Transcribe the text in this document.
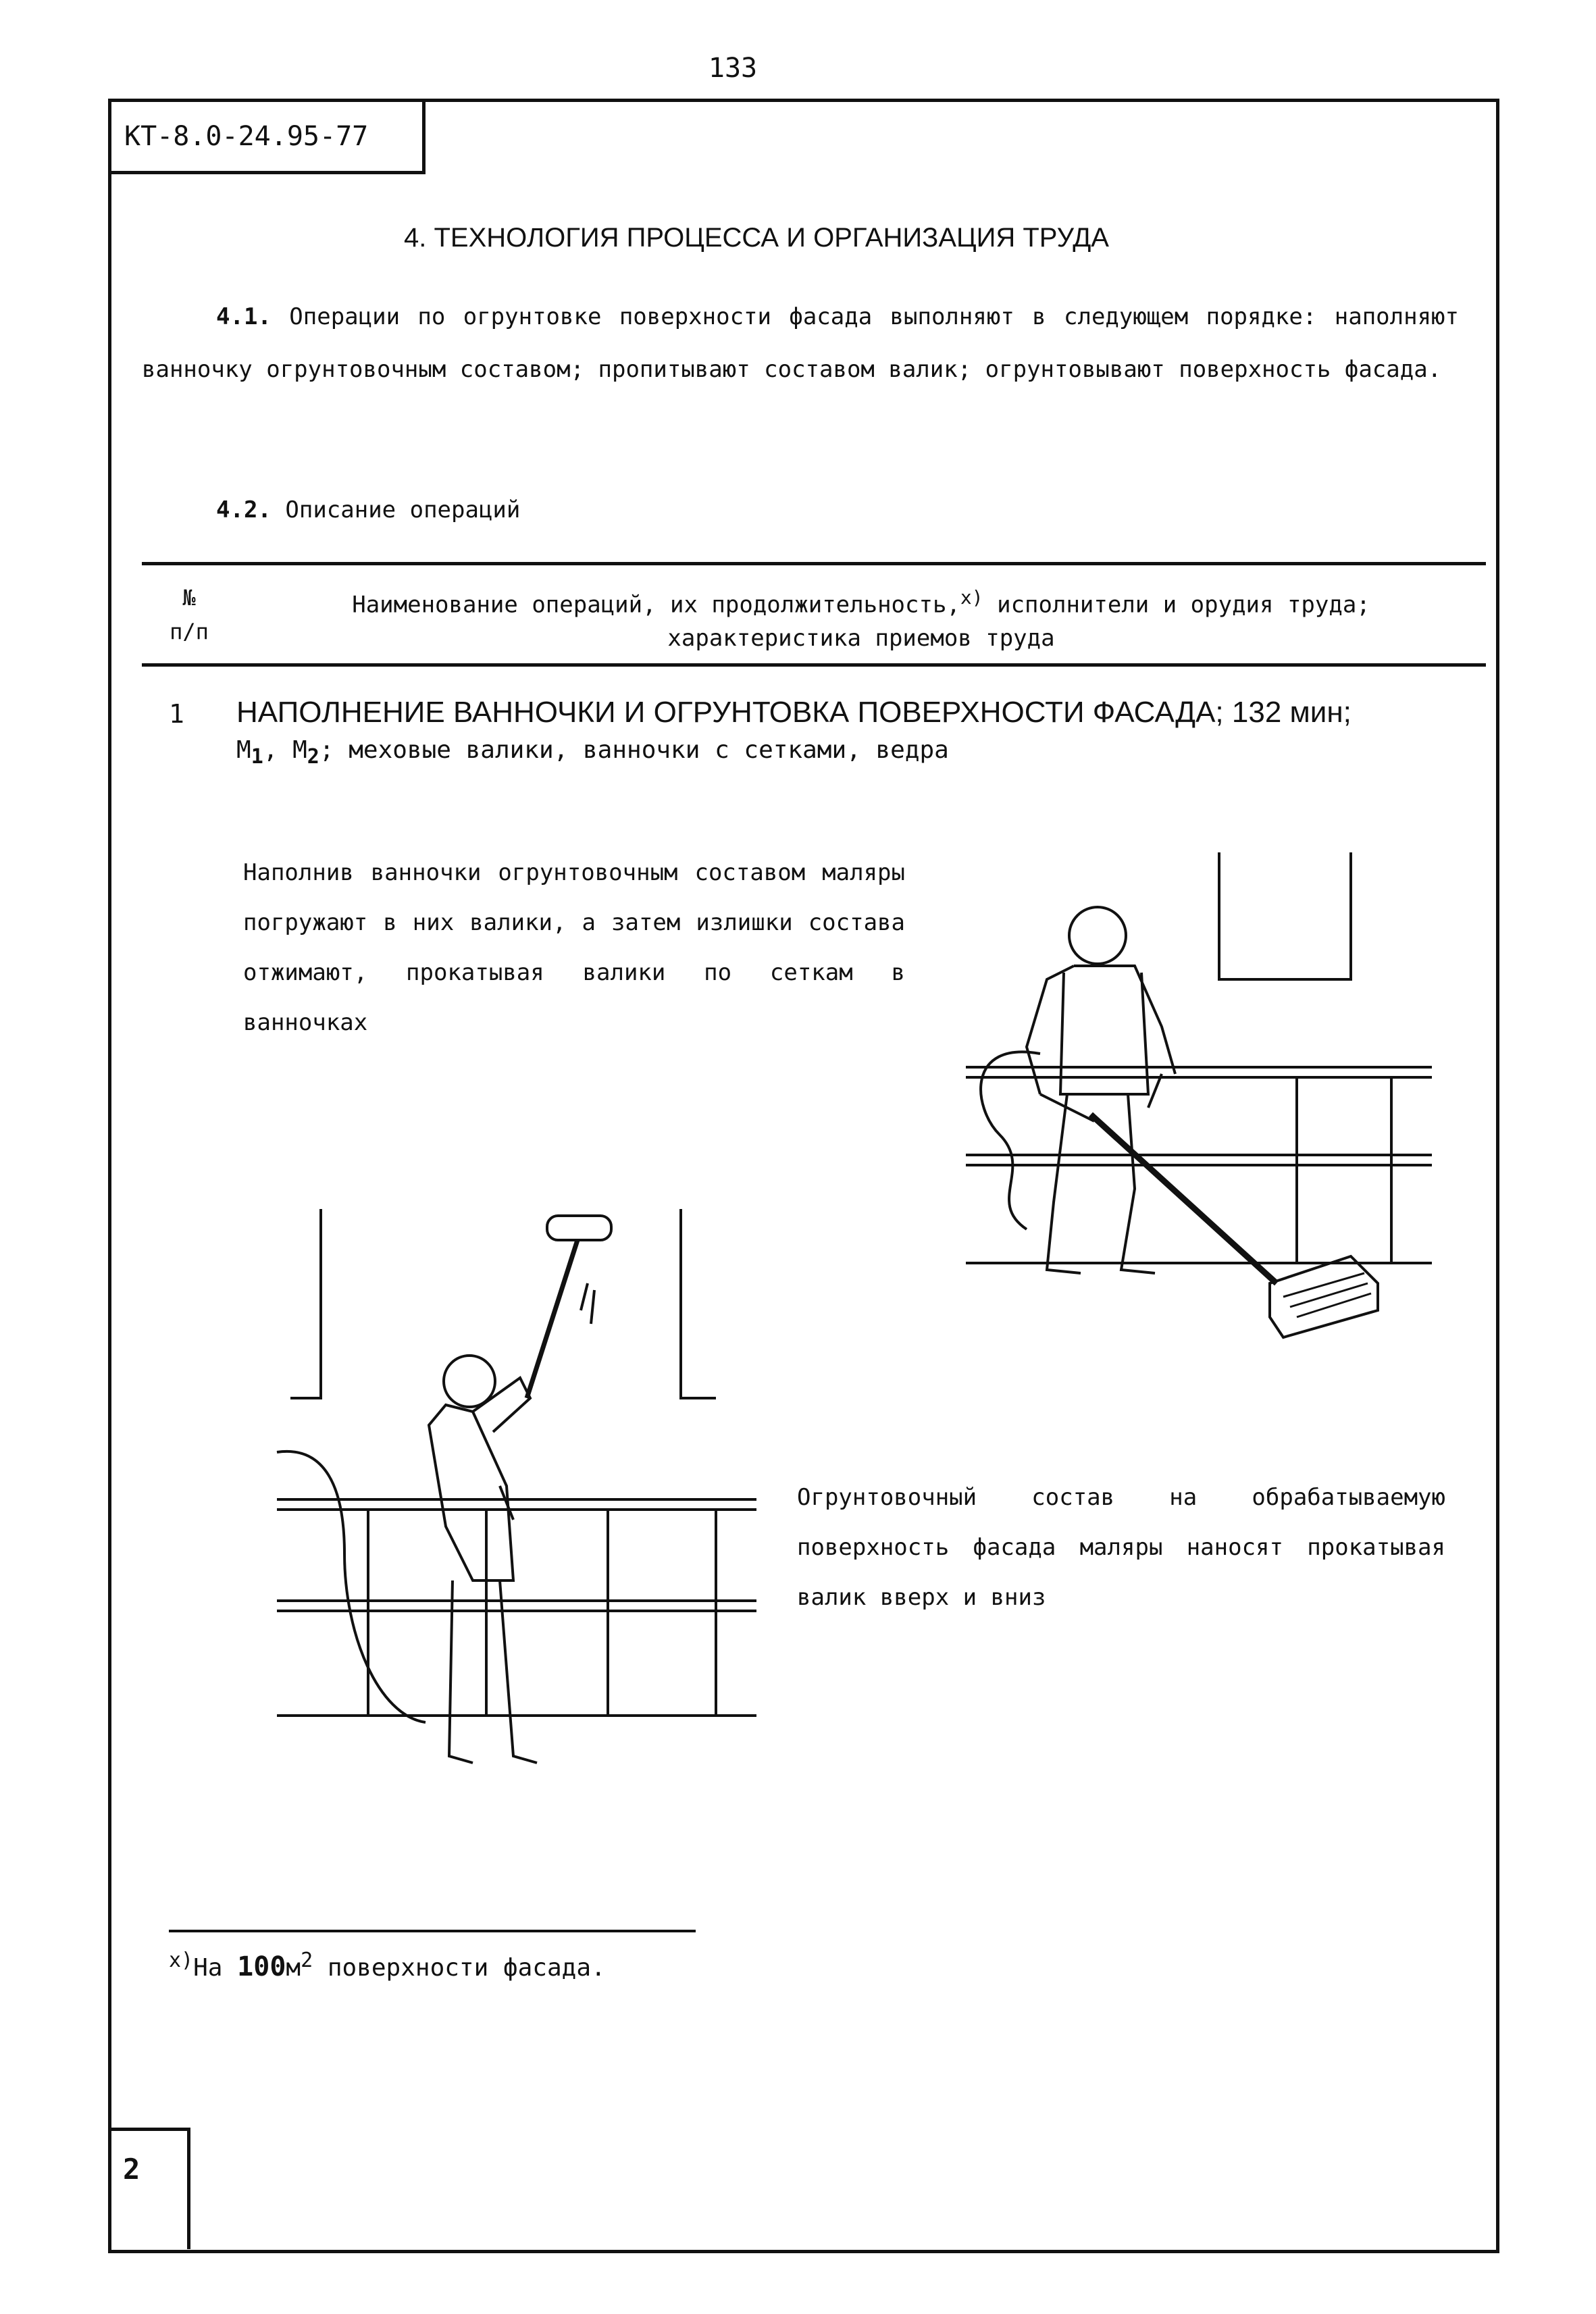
133
КТ-8.0-24.95-77
2
4. ТЕХНОЛОГИЯ ПРОЦЕССА И ОРГАНИЗАЦИЯ ТРУДА
4.1. Операции по огрунтовке поверхности фасада выполняют в следующем порядке: наполняют ванночку огрунтовочным составом; пропитывают составом валик; огрунтовывают поверхность фасада.
4.2. Описание операций
№
п/п
Наименование операций, их продолжительность,$^{х)}$ исполнители и орудия труда;
характеристика приемов труда
1 НАПОЛНЕНИЕ ВАННОЧКИ И ОГРУНТОВКА ПОВЕРХНОСТИ ФАСАДА; 132 мин;
$М_1$, $М_2$; меховые валики, ванночки с сетками, ведра
Наполнив ванночки огрунтовочным составом маляры погружают в них валики, а затем излишки состава отжимают, прокатывая валики по сеткам в ванночках
Огрунтовочный состав на обрабатываемую поверхность фасада маляры наносят прокатывая валик вверх и вниз
$^{х)}$На $100м^2$ поверхности фасада.
